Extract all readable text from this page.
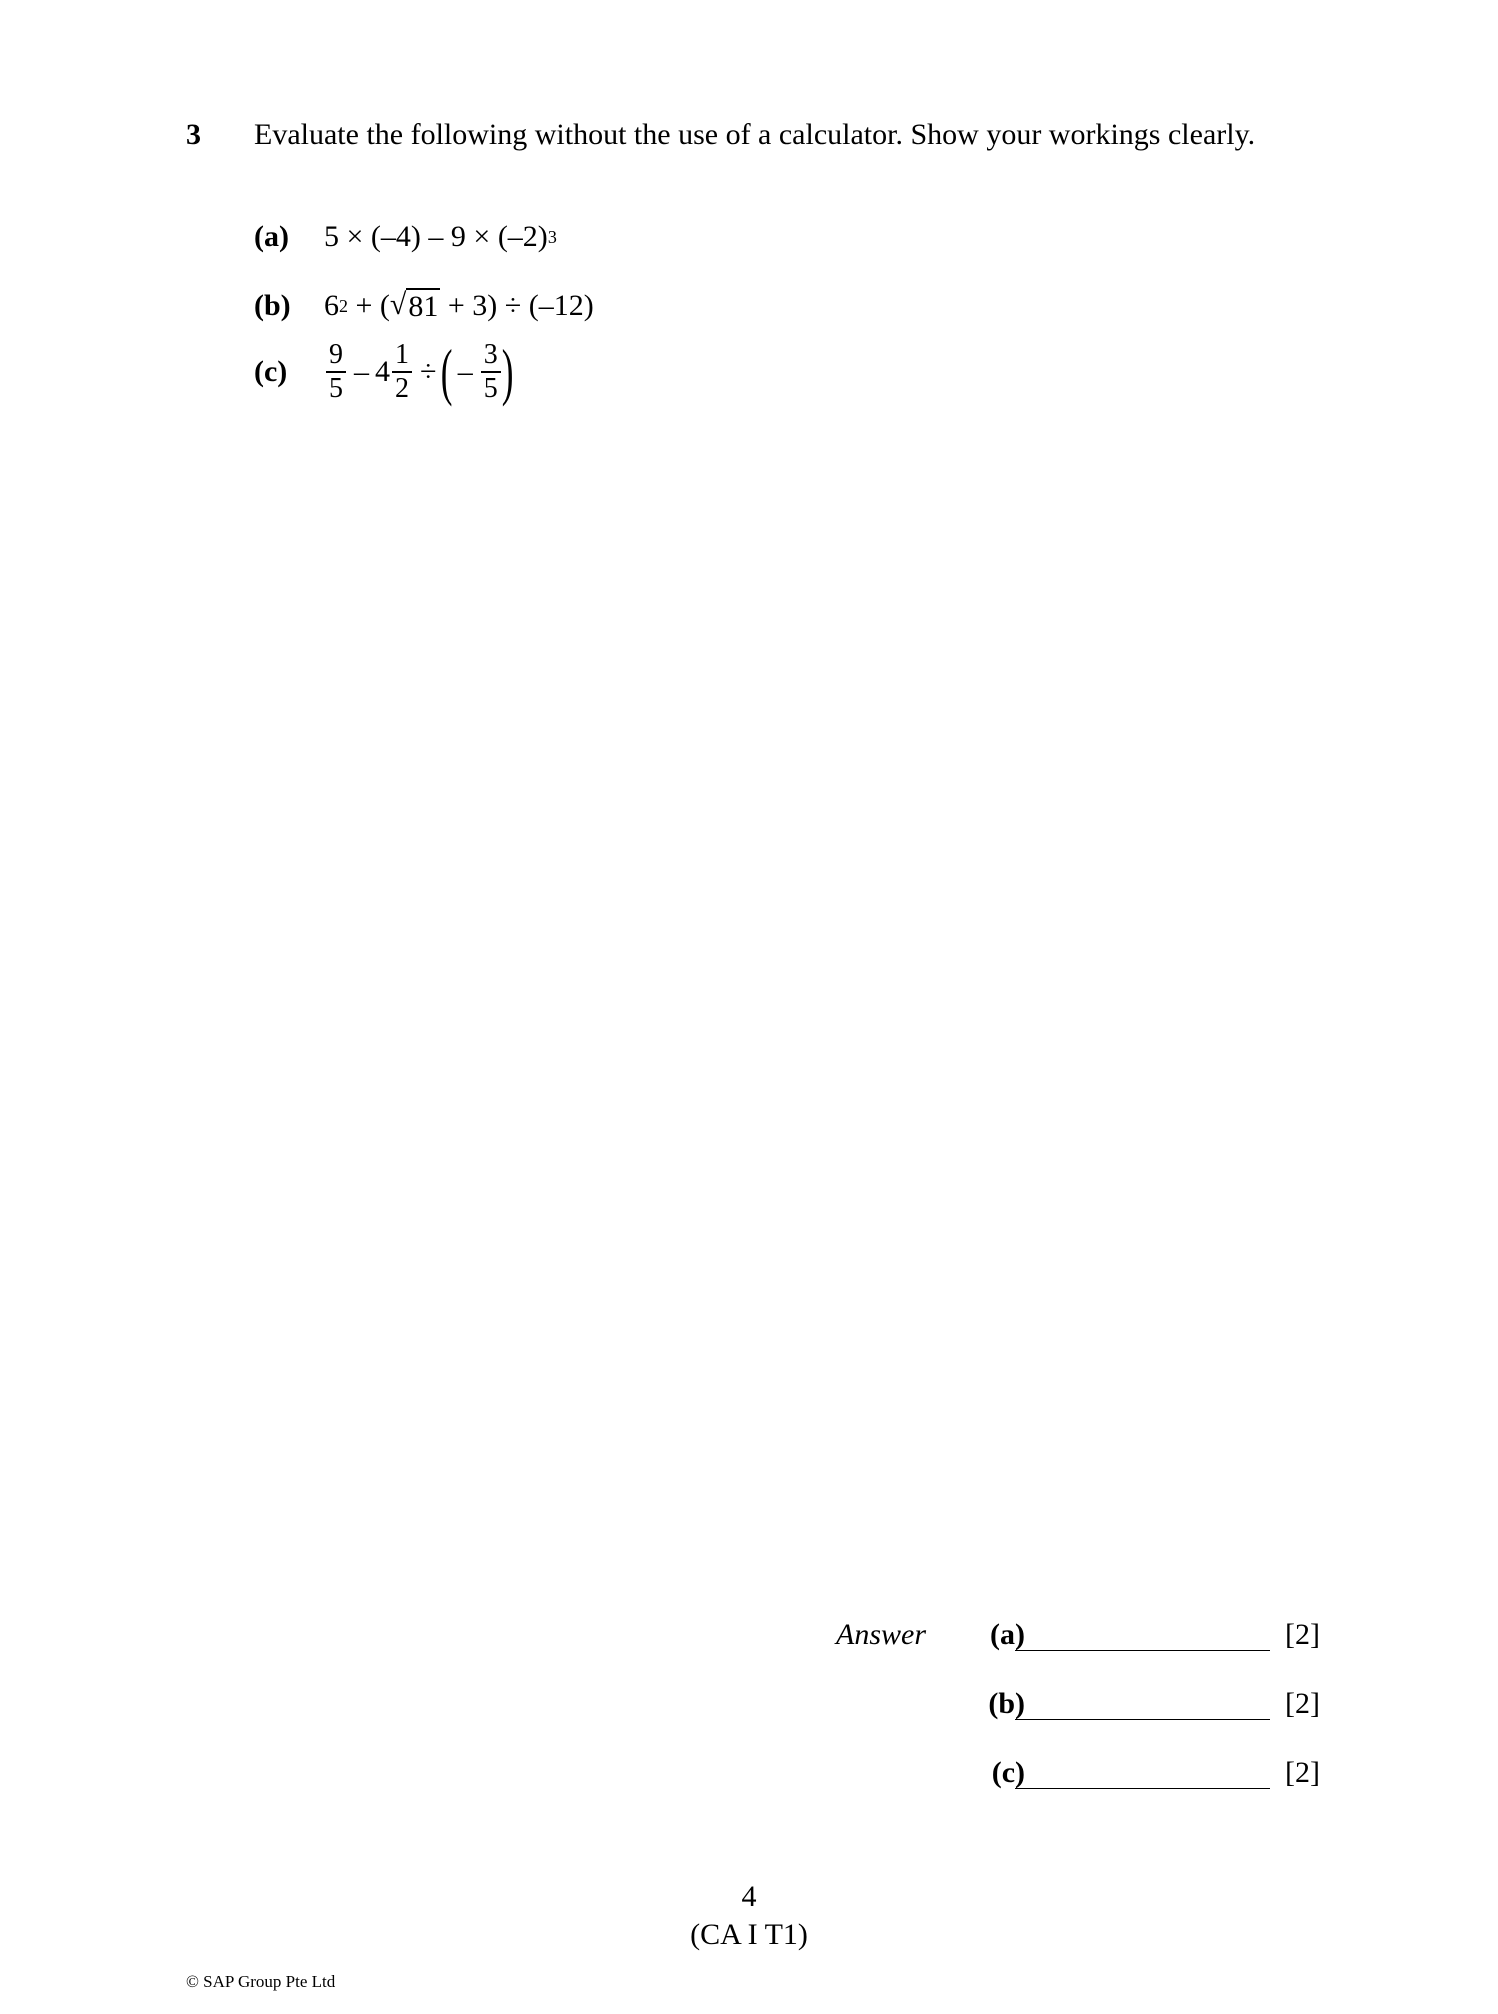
3 Evaluate the following without the use of a calculator. Show your workings clearly.
(a)	5 × (–4) – 9 × (–2) 3
(b)	6 2 + ( √ 81 + 3) ÷ (–12)
(c)	$\frac{9}{5} - 4 \frac{1}{2}$ ÷ ( – $\frac{3}{5}$ )
Answer (a)	[2]
(b)	[2]
(c)	[2]
4
(CA I T1)
© SAP Group Pte Ltd
